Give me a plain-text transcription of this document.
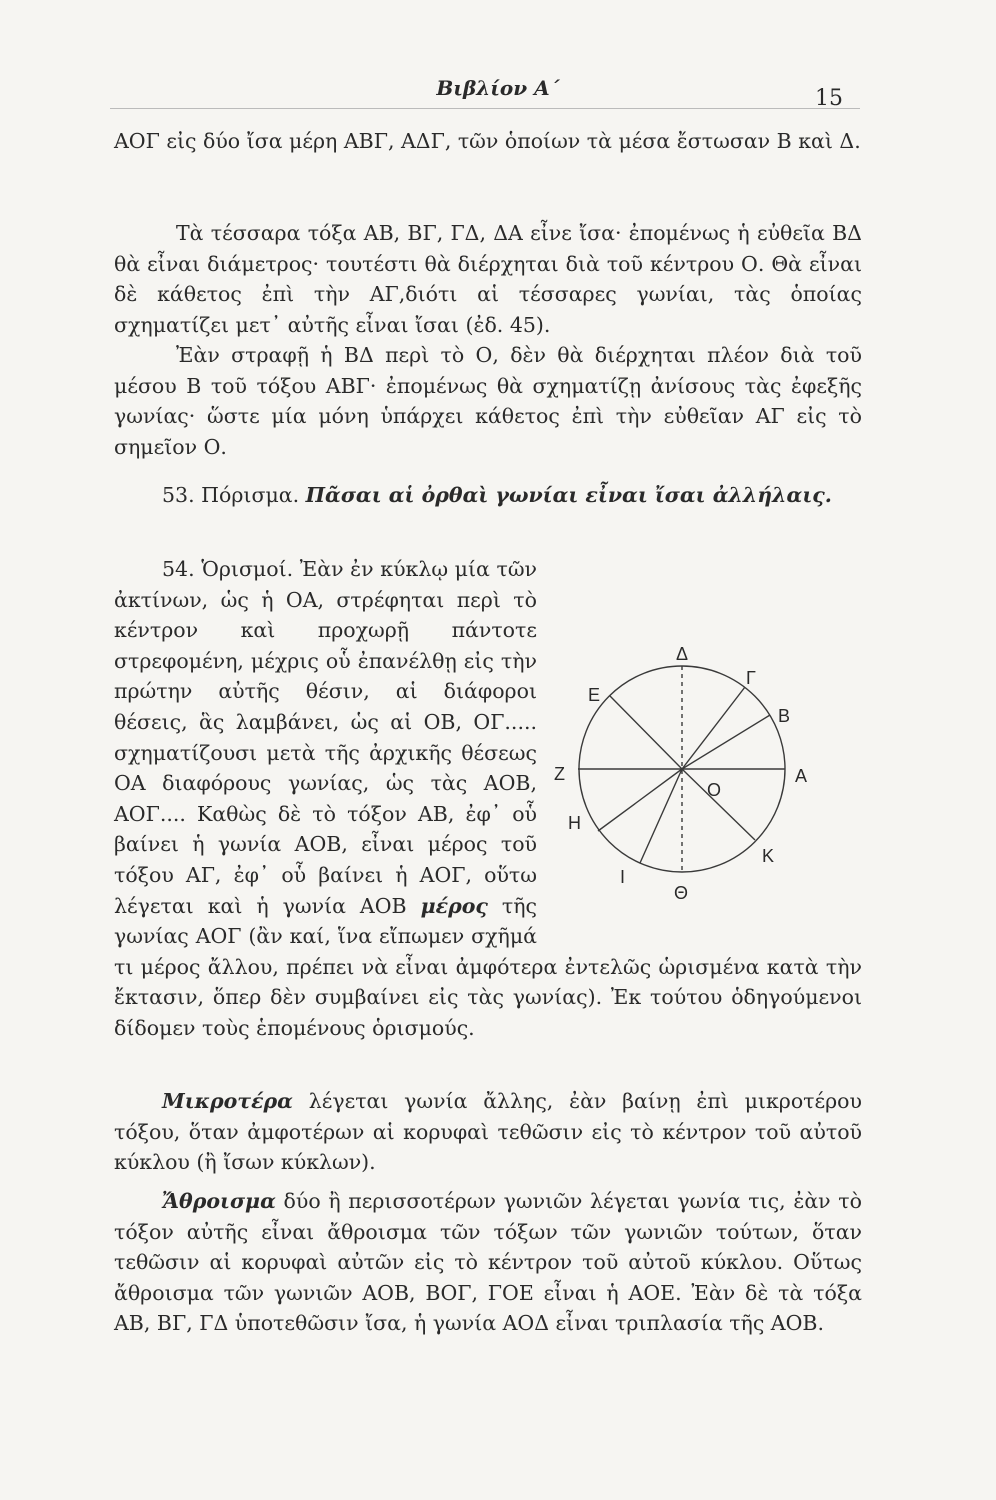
Βιβλίον Α΄	15

ΑΟΓ εἰς δύο ἴσα μέρη ΑΒΓ, ΑΔΓ, τῶν ὁποίων τὰ μέσα ἔστωσαν Β καὶ Δ.

Τὰ τέσσαρα τόξα ΑΒ, ΒΓ, ΓΔ, ΔΑ εἶνε ἴσα· ἐπομένως ἡ εὐθεῖα ΒΔ θὰ εἶναι διάμετρος· τουτέστι θὰ διέρχηται διὰ τοῦ κέντρου Ο. Θὰ εἶναι δὲ κάθετος ἐπὶ τὴν ΑΓ,διότι αἱ τέσσαρες γωνίαι, τὰς ὁποίας σχηματίζει μετ᾽ αὐτῆς εἶναι ἴσαι (ἐδ. 45).

Ἐὰν στραφῇ ἡ ΒΔ περὶ τὸ Ο, δὲν θὰ διέρχηται πλέον διὰ τοῦ μέσου Β τοῦ τόξου ΑΒΓ· ἐπομένως θὰ σχηματίζῃ ἀνίσους τὰς ἐφεξῆς γωνίας· ὥστε μία μόνη ὑπάρχει κάθετος ἐπὶ τὴν εὐθεῖαν ΑΓ εἰς τὸ σημεῖον Ο.

53. Πόρισμα. Πᾶσαι αἱ ὀρθαὶ γωνίαι εἶναι ἴσαι ἀλλήλαις.

54. Ὁρισμοί. Ἐὰν ἐν κύκλῳ μία τῶν ἀκτίνων, ὡς ἡ ΟΑ, στρέφηται περὶ τὸ κέντρον καὶ προχωρῇ πάντοτε στρεφομένη, μέχρις οὗ ἐπανέλθῃ εἰς τὴν πρώτην αὐτῆς θέσιν, αἱ διάφοροι θέσεις, ἃς λαμβάνει, ὡς αἱ ΟΒ, ΟΓ..... σχηματίζουσι μετὰ τῆς ἀρχικῆς θέσεως ΟΑ διαφόρους γωνίας, ὡς τὰς ΑΟΒ, ΑΟΓ.... Καθὼς δὲ τὸ τόξον ΑΒ, ἐφ᾽ οὗ βαίνει ἡ γωνία ΑΟΒ, εἶναι μέρος τοῦ τόξου ΑΓ, ἐφ᾽ οὗ βαίνει ἡ ΑΟΓ, οὕτω λέγεται καὶ ἡ γωνία ΑΟΒ μέρος τῆς γωνίας ΑΟΓ (ἂν καί, ἵνα εἴπωμεν σχῆμά τι μέρος ἄλλου, πρέπει νὰ εἶναι ἀμφότερα ἐντελῶς ὡρισμένα κατὰ τὴν ἔκτασιν, ὅπερ δὲν συμβαίνει εἰς τὰς γωνίας). Ἐκ τούτου ὁδηγούμενοι δίδομεν τοὺς ἑπομένους ὁρισμούς.

Μικροτέρα λέγεται γωνία ἄλλης, ἐὰν βαίνῃ ἐπὶ μικροτέρου τόξου, ὅταν ἀμφοτέρων αἱ κορυφαὶ τεθῶσιν εἰς τὸ κέντρον τοῦ αὐτοῦ κύκλου (ἢ ἴσων κύκλων).

Ἄθροισμα δύο ἢ περισσοτέρων γωνιῶν λέγεται γωνία τις, ἐὰν τὸ τόξον αὐτῆς εἶναι ἄθροισμα τῶν τόξων τῶν γωνιῶν τούτων, ὅταν τεθῶσιν αἱ κορυφαὶ αὐτῶν εἰς τὸ κέντρον τοῦ αὐτοῦ κύκλου. Οὕτως ἄθροισμα τῶν γωνιῶν ΑΟΒ, ΒΟΓ, ΓΟΕ εἶναι ἡ ΑΟΕ. Ἐὰν δὲ τὰ τόξα ΑΒ, ΒΓ, ΓΔ ὑποτεθῶσιν ἴσα, ἡ γωνία ΑΟΔ εἶναι τριπλασία τῆς ΑΟΒ.

Δ
Γ
B
A
E
Z
H
I
Θ
K
O
